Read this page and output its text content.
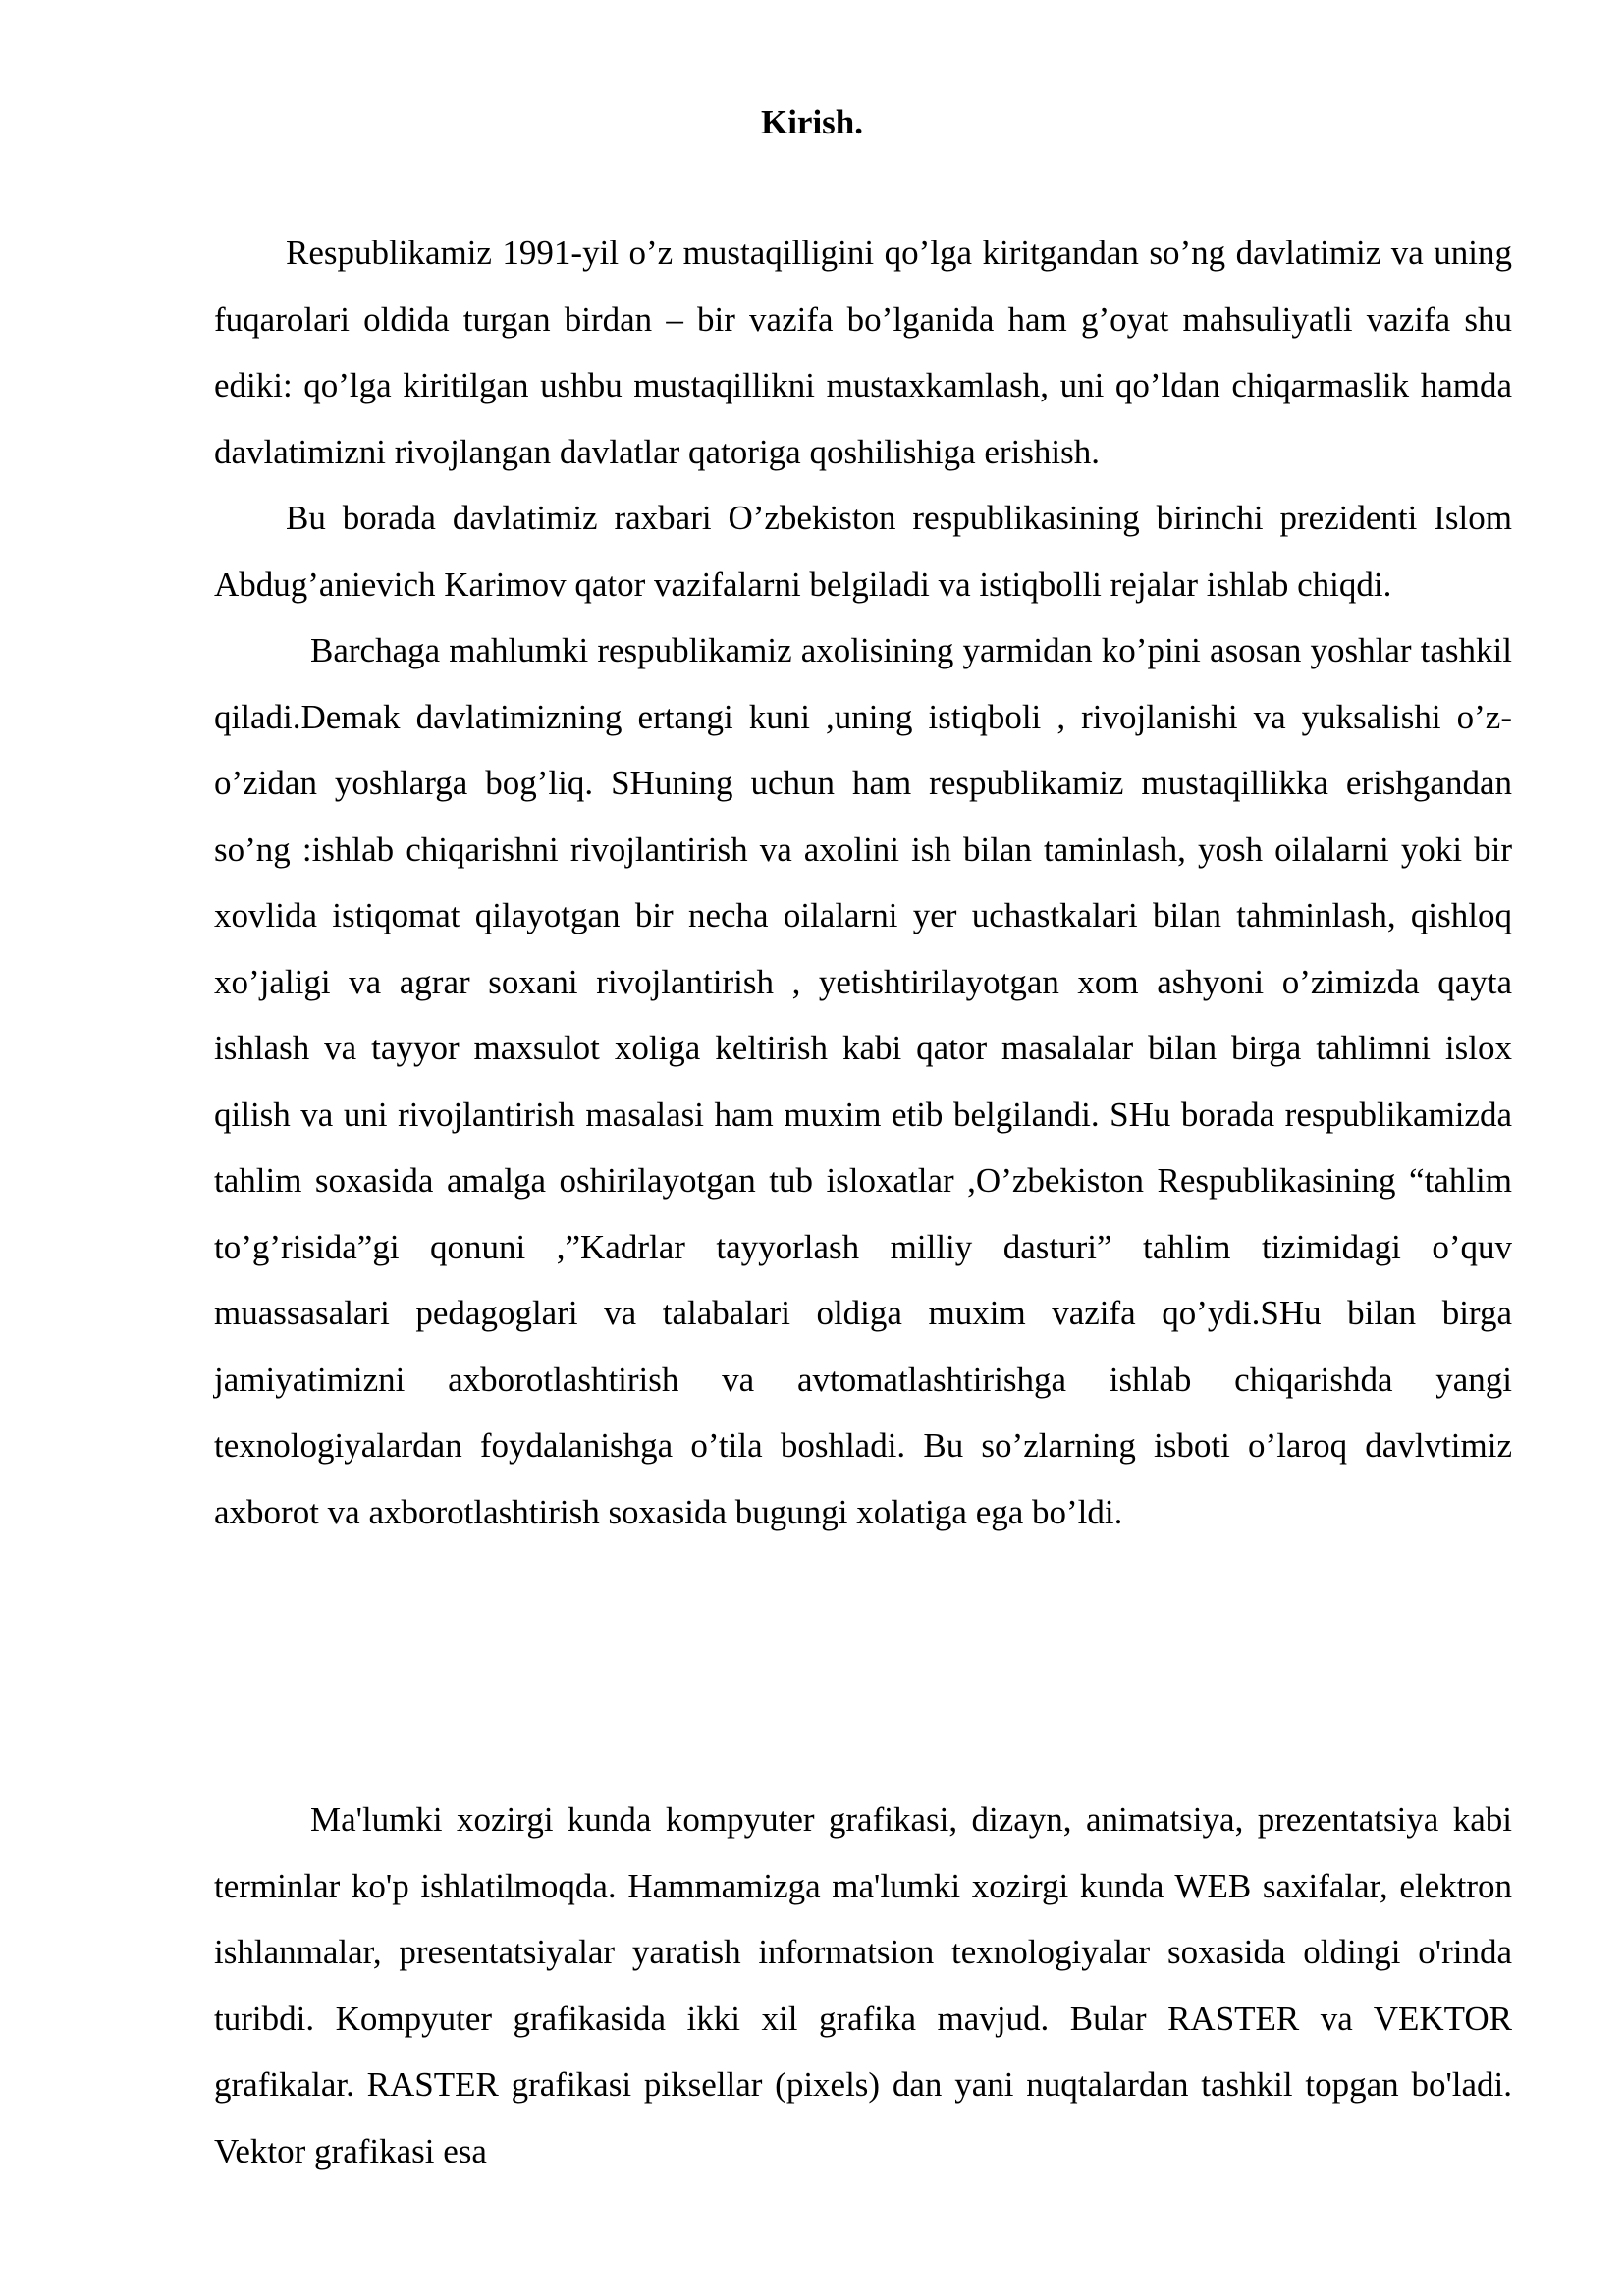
Kirish.

Respublikamiz 1991-yil o’z mustaqilligini qo’lga kiritgandan so’ng davlatimiz va uning fuqarolari oldida turgan birdan – bir vazifa bo’lganida ham g’oyat mahsuliyatli vazifa shu ediki: qo’lga kiritilgan ushbu mustaqillikni mustaxkamlash, uni qo’ldan chiqarmaslik hamda davlatimizni rivojlangan davlatlar qatoriga qoshilishiga erishish.

Bu borada davlatimiz raxbari O’zbekiston respublikasining birinchi prezidenti Islom Abdug’anievich Karimov qator vazifalarni belgiladi va istiqbolli rejalar ishlab chiqdi.

Barchaga mahlumki respublikamiz axolisining yarmidan ko’pini asosan yoshlar tashkil qiladi.Demak davlatimizning ertangi kuni ,uning istiqboli , rivojlanishi va yuksalishi o’z-o’zidan yoshlarga bog’liq. SHuning uchun ham respublikamiz mustaqillikka erishgandan so’ng :ishlab chiqarishni rivojlantirish va axolini ish bilan taminlash, yosh oilalarni yoki bir xovlida istiqomat qilayotgan bir necha oilalarni yer uchastkalari bilan tahminlash, qishloq xo’jaligi va agrar soxani rivojlantirish , yetishtirilayotgan xom ashyoni o’zimizda qayta ishlash va tayyor maxsulot xoliga keltirish kabi qator masalalar bilan birga tahlimni islox qilish va uni rivojlantirish masalasi ham muxim etib belgilandi. SHu borada respublikamizda tahlim soxasida amalga oshirilayotgan tub isloxatlar ,O’zbekiston Respublikasining “tahlim to’g’risida”gi qonuni ,”Kadrlar tayyorlash milliy dasturi” tahlim tizimidagi o’quv muassasalari pedagoglari va talabalari oldiga muxim vazifa qo’ydi.SHu bilan birga jamiyatimizni axborotlashtirish va avtomatlashtirishga ishlab chiqarishda yangi texnologiyalardan foydalanishga o’tila boshladi. Bu so’zlarning isboti o’laroq davlvtimiz axborot va axborotlashtirish soxasida bugungi xolatiga ega bo’ldi.

Ma'lumki xozirgi kunda kompyuter grafikasi, dizayn, animatsiya, prezentatsiya kabi terminlar ko'p ishlatilmoqda. Hammamizga ma'lumki xozirgi kunda WEB saxifalar, elektron ishlanmalar, presentatsiyalar yaratish informatsion texnologiyalar soxasida oldingi o'rinda turibdi. Kompyuter grafikasida ikki xil grafika mavjud. Bular RASTER va VEKTOR grafikalar. RASTER grafikasi piksellar (pixels) dan yani nuqtalardan tashkil topgan bo'ladi. Vektor grafikasi esa
